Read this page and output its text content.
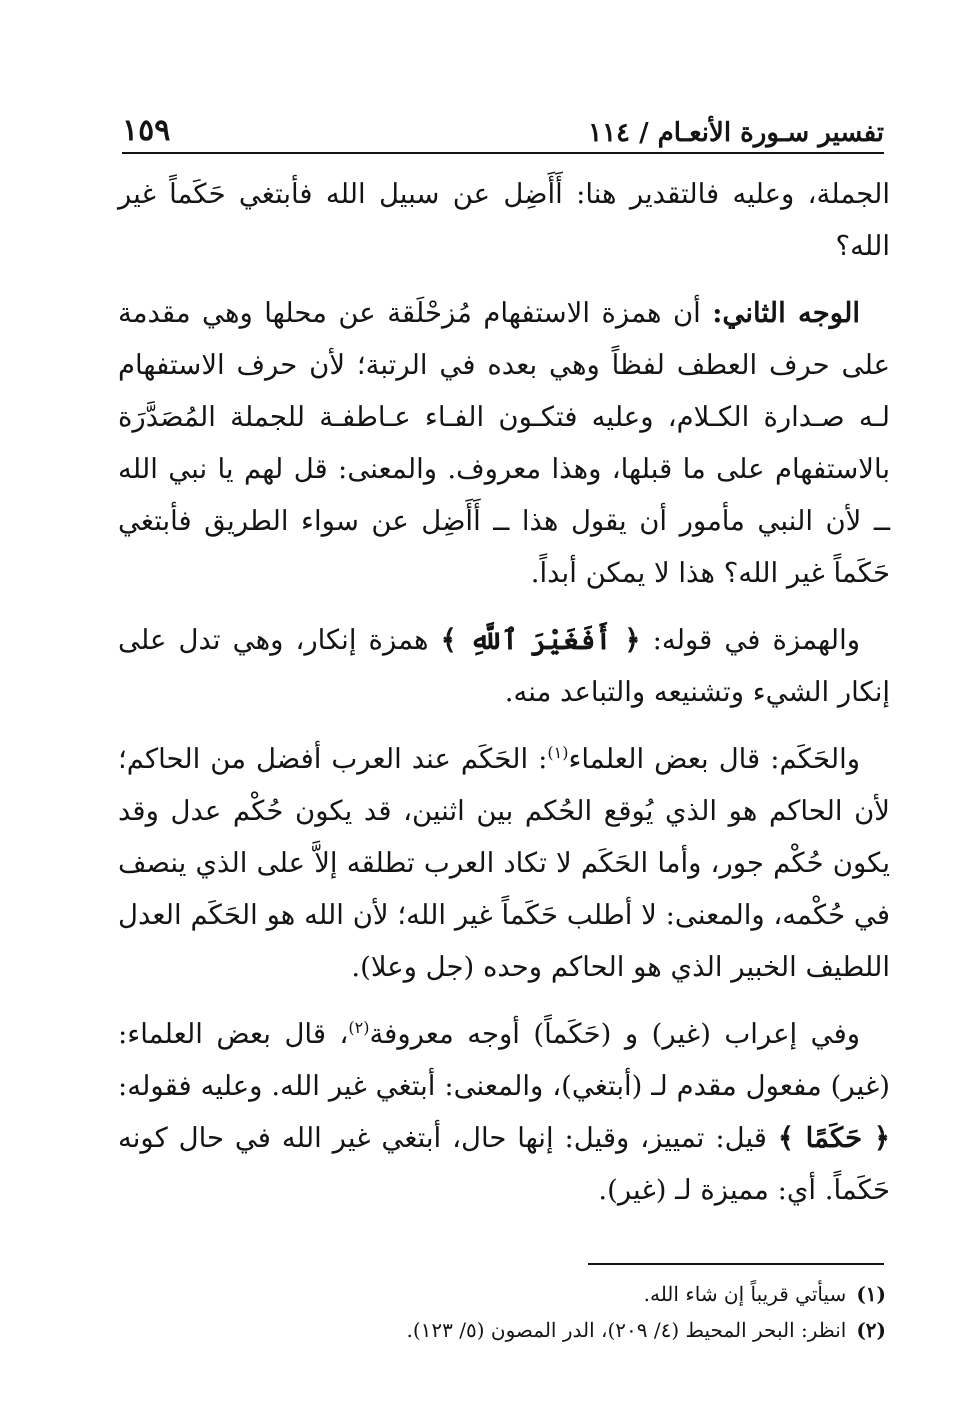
تفسير سـورة الأنعـام / ١١٤
١٥٩

الجملة، وعليه فالتقدير هنا: أَأَضِل عن سبيل الله فأبتغي حَكَماً غير الله؟

الوجه الثاني: أن همزة الاستفهام مُزحْلَقة عن محلها وهي مقدمة على حرف العطف لفظاً وهي بعده في الرتبة؛ لأن حرف الاستفهام لـه صـدارة الكـلام، وعليه فتكـون الفـاء عـاطفـة للجملة المُصَدَّرَة بالاستفهام على ما قبلها، وهذا معروف. والمعنى: قل لهم يا نبي الله ــ لأن النبي مأمور أن يقول هذا ــ أَأَضِل عن سواء الطريق فأبتغي حَكَماً غير الله؟ هذا لا يمكن أبداً.

والهمزة في قوله: ﴿ أَفَغَيْرَ ٱللَّهِ ﴾ همزة إنكار، وهي تدل على إنكار الشيء وتشنيعه والتباعد منه.

والحَكَم: قال بعض العلماء$^{(١)}$: الحَكَم عند العرب أفضل من الحاكم؛ لأن الحاكم هو الذي يُوقع الحُكم بين اثنين، قد يكون حُكْم عدل وقد يكون حُكْم جور، وأما الحَكَم لا تكاد العرب تطلقه إلاَّ على الذي ينصف في حُكْمه، والمعنى: لا أطلب حَكَماً غير الله؛ لأن الله هو الحَكَم العدل اللطيف الخبير الذي هو الحاكم وحده (جل وعلا).

وفي إعراب (غير) و (حَكَماً) أوجه معروفة$^{(٢)}$، قال بعض العلماء: (غير) مفعول مقدم لـ (أبتغي)، والمعنى: أبتغي غير الله. وعليه فقوله: ﴿ حَكَمًا ﴾ قيل: تمييز، وقيل: إنها حال، أبتغي غير الله في حال كونه حَكَماً. أي: مميزة لـ (غير).

(١)سيأتي قريباً إن شاء الله.
(٢)انظر: البحر المحيط (٤/ ٢٠٩)، الدر المصون (٥/ ١٢٣).
